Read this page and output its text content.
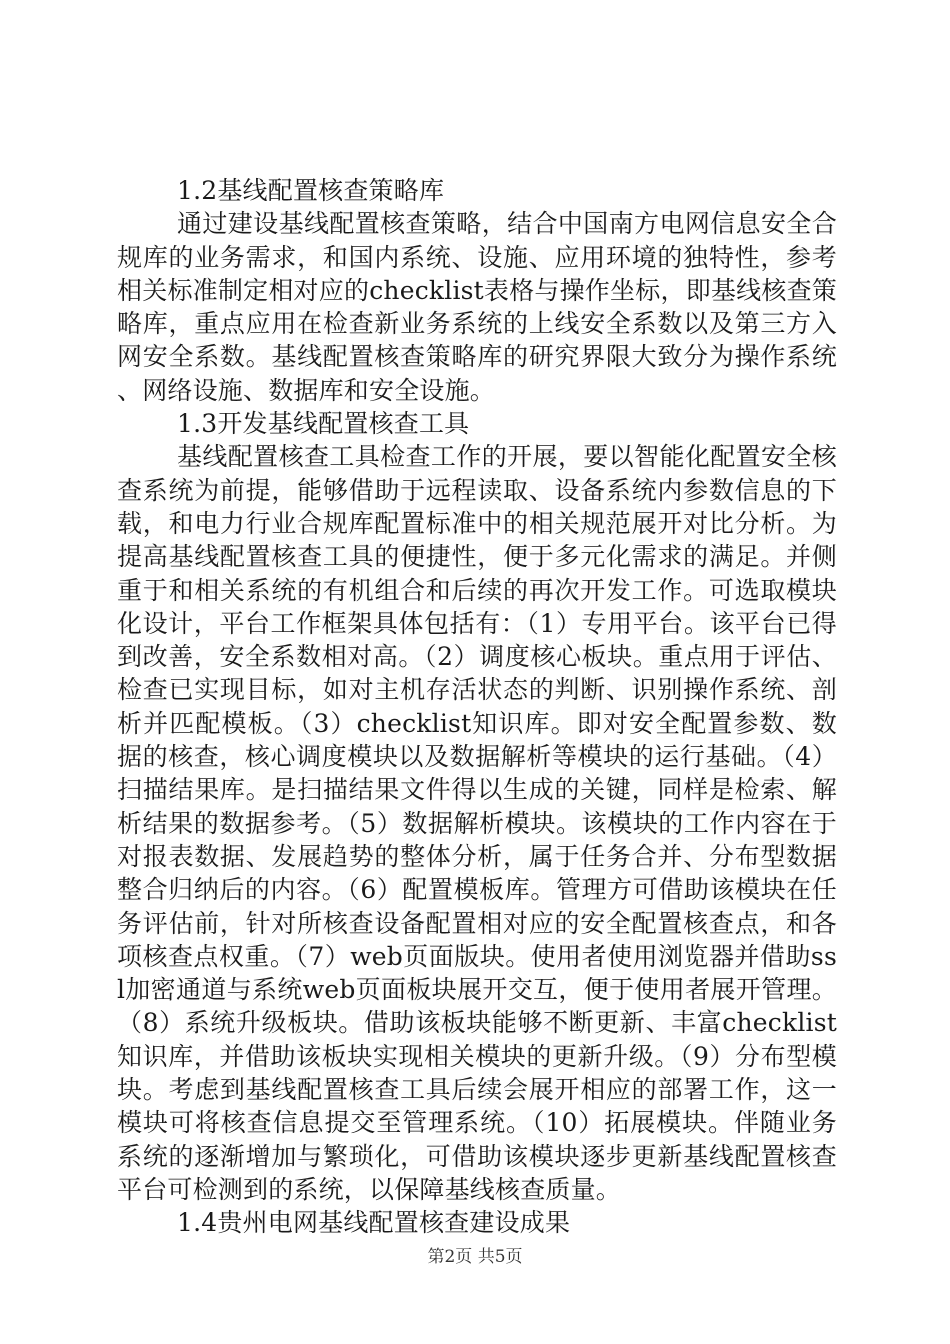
1.2基线配置核查策略库

通过建设基线配置核查策略，结合中国南方电网信息安全合规库的业务需求，和国内系统、设施、应用环境的独特性，参考相关标准制定相对应的checklist表格与操作坐标，即基线核查策略库，重点应用在检查新业务系统的上线安全系数以及第三方入网安全系数。基线配置核查策略库的研究界限大致分为操作系统、网络设施、数据库和安全设施。

1.3开发基线配置核查工具

基线配置核查工具检查工作的开展，要以智能化配置安全核查系统为前提，能够借助于远程读取、设备系统内参数信息的下载，和电力行业合规库配置标准中的相关规范展开对比分析。为提高基线配置核查工具的便捷性，便于多元化需求的满足。并侧重于和相关系统的有机组合和后续的再次开发工作。可选取模块化设计，平台工作框架具体包括有：（1）专用平台。该平台已得到改善，安全系数相对高。（2）调度核心板块。重点用于评估、检查已实现目标，如对主机存活状态的判断、识别操作系统、剖析并匹配模板。（3）checklist知识库。即对安全配置参数、数据的核查，核心调度模块以及数据解析等模块的运行基础。（4）扫描结果库。是扫描结果文件得以生成的关键，同样是检索、解析结果的数据参考。（5）数据解析模块。该模块的工作内容在于对报表数据、发展趋势的整体分析，属于任务合并、分布型数据整合归纳后的内容。（6）配置模板库。管理方可借助该模块在任务评估前，针对所核查设备配置相对应的安全配置核查点，和各项核查点权重。（7）web页面版块。使用者使用浏览器并借助ssl加密通道与系统web页面板块展开交互，便于使用者展开管理。（8）系统升级板块。借助该板块能够不断更新、丰富checklist知识库，并借助该板块实现相关模块的更新升级。（9）分布型模块。考虑到基线配置核查工具后续会展开相应的部署工作，这一模块可将核查信息提交至管理系统。（10）拓展模块。伴随业务系统的逐渐增加与繁琐化，可借助该模块逐步更新基线配置核查平台可检测到的系统，以保障基线核查质量。

1.4贵州电网基线配置核查建设成果
第2页 共5页
